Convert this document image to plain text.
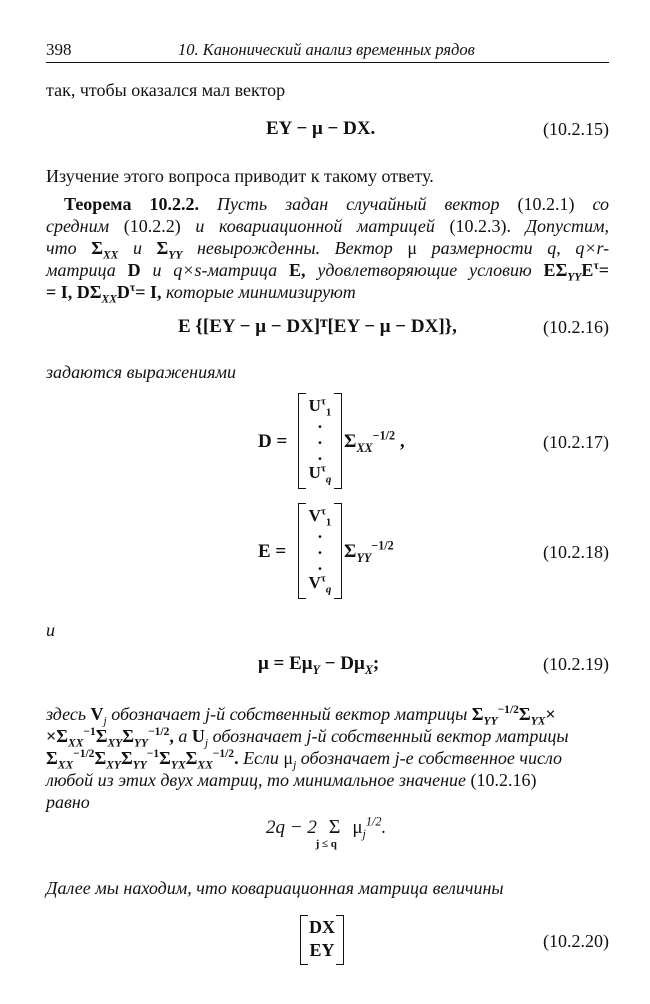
398	10. Канонический анализ временных рядов
так, чтобы оказался мал вектор
EY − μ − DX.	(10.2.15)
Изучение этого вопроса приводит к такому ответу.
Теорема 10.2.2. Пусть задан случайный вектор (10.2.1) со
средним (10.2.2) и ковариационной матрицей (10.2.3). Допустим,
что $\Sigma_{XX}$ и $\Sigma_{YY}$ невырожденны. Вектор μ размерности q, q×r-
матрица D и q×s-матрица E, удовлетворяющие условию $E\Sigma_{YY}E^\tau=$
= I, $D\Sigma_{XX}D^\tau= I$, которые минимизируют
E {[EY − μ − DX]ᵀ[EY − μ − DX]},	(10.2.16)
задаются выражениями
D =
$U^\tau_1$
·
·
·
$U^\tau_q$
$\Sigma_{XX}^{-1/2}$ ,	(10.2.17)
E =
$V^\tau_1$
·
·
·
$V^\tau_q$
$\Sigma_{YY}^{-1/2}$	(10.2.18)
и
$\mu = E\mu_Y - D\mu_X$;	(10.2.19)
здесь $V_j$ обозначает j-й собственный вектор матрицы $\Sigma_{YY}^{-1/2}\Sigma_{YX}\times$
$\times\Sigma_{XX}^{-1}\Sigma_{XY}\Sigma_{YY}^{-1/2}$, а $U_j$ обозначает j-й собственный вектор матрицы
$\Sigma_{XX}^{-1/2}\Sigma_{XY}\Sigma_{YY}^{-1}\Sigma_{YX}\Sigma_{XX}^{-1/2}$. Если $\mu_j$ обозначает j-е собственное число
любой из этих двух матриц, то минимальное значение (10.2.16)
равно
2q − 2 Σ
j ≤ q
$\mu_j^{1/2}$.
Далее мы находим, что ковариационная матрица величины
DX
EY	(10.2.20)
